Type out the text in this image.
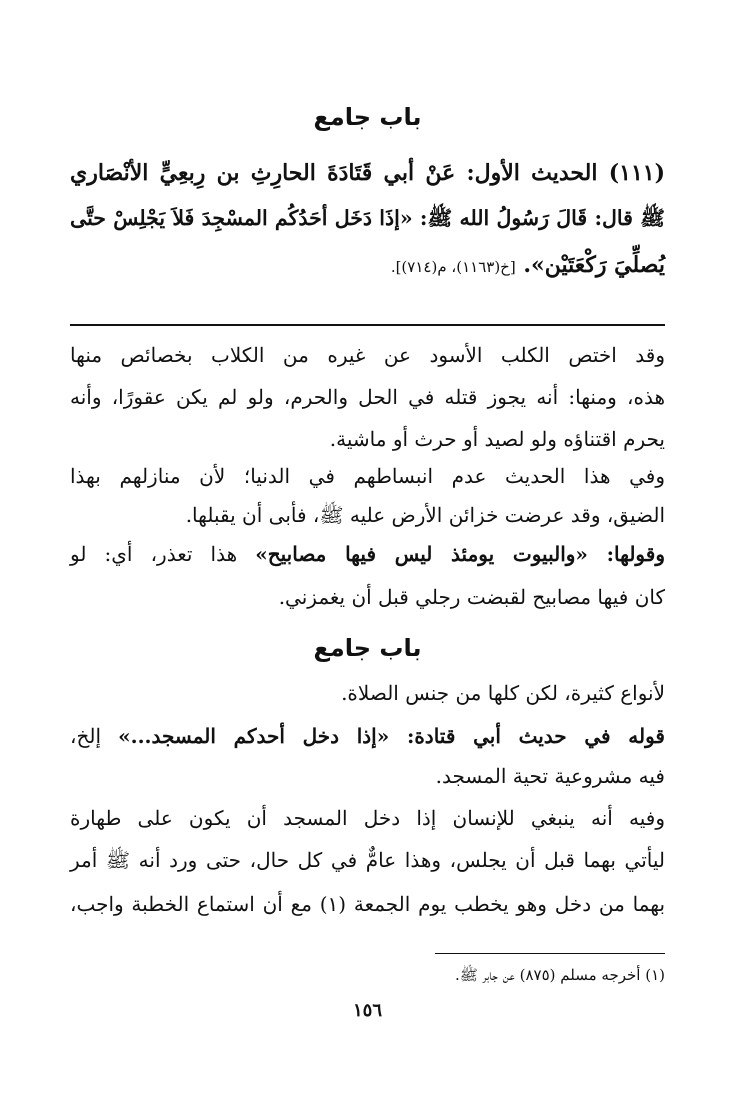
باب جامع
(١١١) الحديث الأول: عَنْ أبي قَتَادَةَ الحارِثِ بن رِبعِيٍّ الأنْصَاري
ﷺ قال: قَالَ رَسُولُ الله ﷺ: «إذَا دَخَل أحَدُكُم المسْجِدَ فَلاَ يَجْلِسْ حتَّى
يُصلِّيَ رَكْعَتَيْن». [خ(١١٦٣)، م(٧١٤)].
وقد اختص الكلب الأسود عن غيره من الكلاب بخصائص منها
هذه، ومنها: أنه يجوز قتله في الحل والحرم، ولو لم يكن عقورًا، وأنه
يحرم اقتناؤه ولو لصيد أو حرث أو ماشية.
وفي هذا الحديث عدم انبساطهم في الدنيا؛ لأن منازلهم بهذا
الضيق، وقد عرضت خزائن الأرض عليه ﷺ، فأبى أن يقبلها.
وقولها: «والبيوت يومئذ ليس فيها مصابيح» هذا تعذر، أي: لو
كان فيها مصابيح لقبضت رجلي قبل أن يغمزني.
باب جامع
لأنواع كثيرة، لكن كلها من جنس الصلاة.
قوله في حديث أبي قتادة: «إذا دخل أحدكم المسجد...» إلخ،
فيه مشروعية تحية المسجد.
وفيه أنه ينبغي للإنسان إذا دخل المسجد أن يكون على طهارة
ليأتي بهما قبل أن يجلس، وهذا عامٌّ في كل حال، حتى ورد أنه ﷺ أمر
بهما من دخل وهو يخطب يوم الجمعة (١) مع أن استماع الخطبة واجب،
(١) أخرجه مسلم (٨٧٥) عن جابر ﷺ.
١٥٦
